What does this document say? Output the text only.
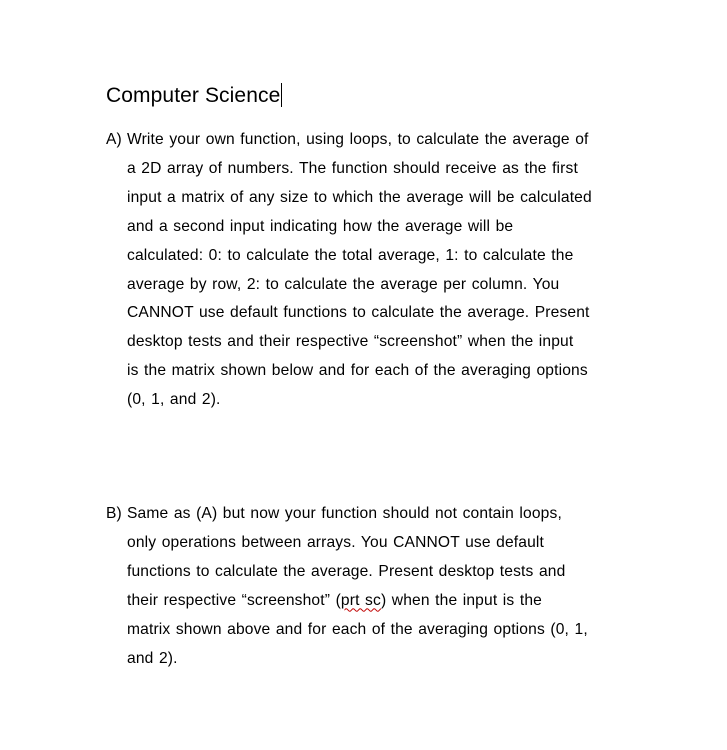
Computer Science
A) Write your own function, using loops, to calculate the average of
a 2D array of numbers. The function should receive as the first
input a matrix of any size to which the average will be calculated
and a second input indicating how the average will be
calculated: 0: to calculate the total average, 1: to calculate the
average by row, 2: to calculate the average per column. You
CANNOT use default functions to calculate the average. Present
desktop tests and their respective “screenshot” when the input
is the matrix shown below and for each of the averaging options
(0, 1, and 2).
B) Same as (A) but now your function should not contain loops,
only operations between arrays. You CANNOT use default
functions to calculate the average. Present desktop tests and
their respective “screenshot” (prt sc) when the input is the
matrix shown above and for each of the averaging options (0, 1,
and 2).
